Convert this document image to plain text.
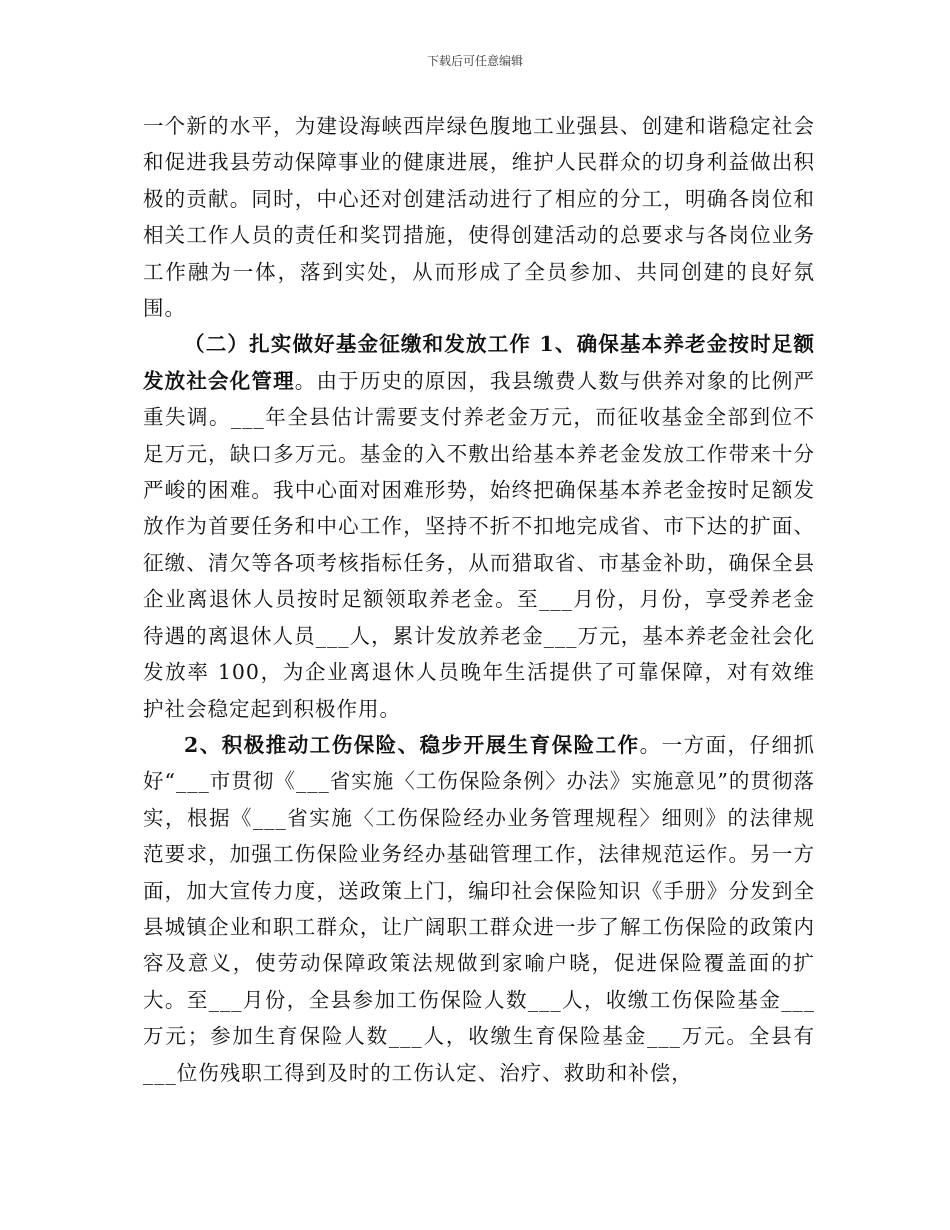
下载后可任意编辑

一个新的水平，为建设海峡西岸绿色腹地工业强县、创建和谐稳定社会和促进我县劳动保障事业的健康进展，维护人民群众的切身利益做出积极的贡献。同时，中心还对创建活动进行了相应的分工，明确各岗位和相关工作人员的责任和奖罚措施，使得创建活动的总要求与各岗位业务工作融为一体，落到实处，从而形成了全员参加、共同创建的良好氛围。

（二）扎实做好基金征缴和发放工作 1、确保基本养老金按时足额发放社会化管理。由于历史的原因，我县缴费人数与供养对象的比例严重失调。___年全县估计需要支付养老金万元，而征收基金全部到位不足万元，缺口多万元。基金的入不敷出给基本养老金发放工作带来十分严峻的困难。我中心面对困难形势，始终把确保基本养老金按时足额发放作为首要任务和中心工作，坚持不折不扣地完成省、市下达的扩面、征缴、清欠等各项考核指标任务，从而猎取省、市基金补助，确保全县企业离退休人员按时足额领取养老金。至___月份，月份，享受养老金待遇的离退休人员___人，累计发放养老金___万元，基本养老金社会化发放率 100，为企业离退休人员晚年生活提供了可靠保障，对有效维护社会稳定起到积极作用。

2、积极推动工伤保险、稳步开展生育保险工作。一方面，仔细抓好“___市贯彻《___省实施〈工伤保险条例〉办法》实施意见”的贯彻落实，根据《___省实施〈工伤保险经办业务管理规程〉细则》的法律规范要求，加强工伤保险业务经办基础管理工作，法律规范运作。另一方面，加大宣传力度，送政策上门，编印社会保险知识《手册》分发到全县城镇企业和职工群众，让广阔职工群众进一步了解工伤保险的政策内容及意义，使劳动保障政策法规做到家喻户晓，促进保险覆盖面的扩大。至___月份，全县参加工伤保险人数___人，收缴工伤保险基金___万元；参加生育保险人数___人，收缴生育保险基金___万元。全县有___位伤残职工得到及时的工伤认定、治疗、救助和补偿，
